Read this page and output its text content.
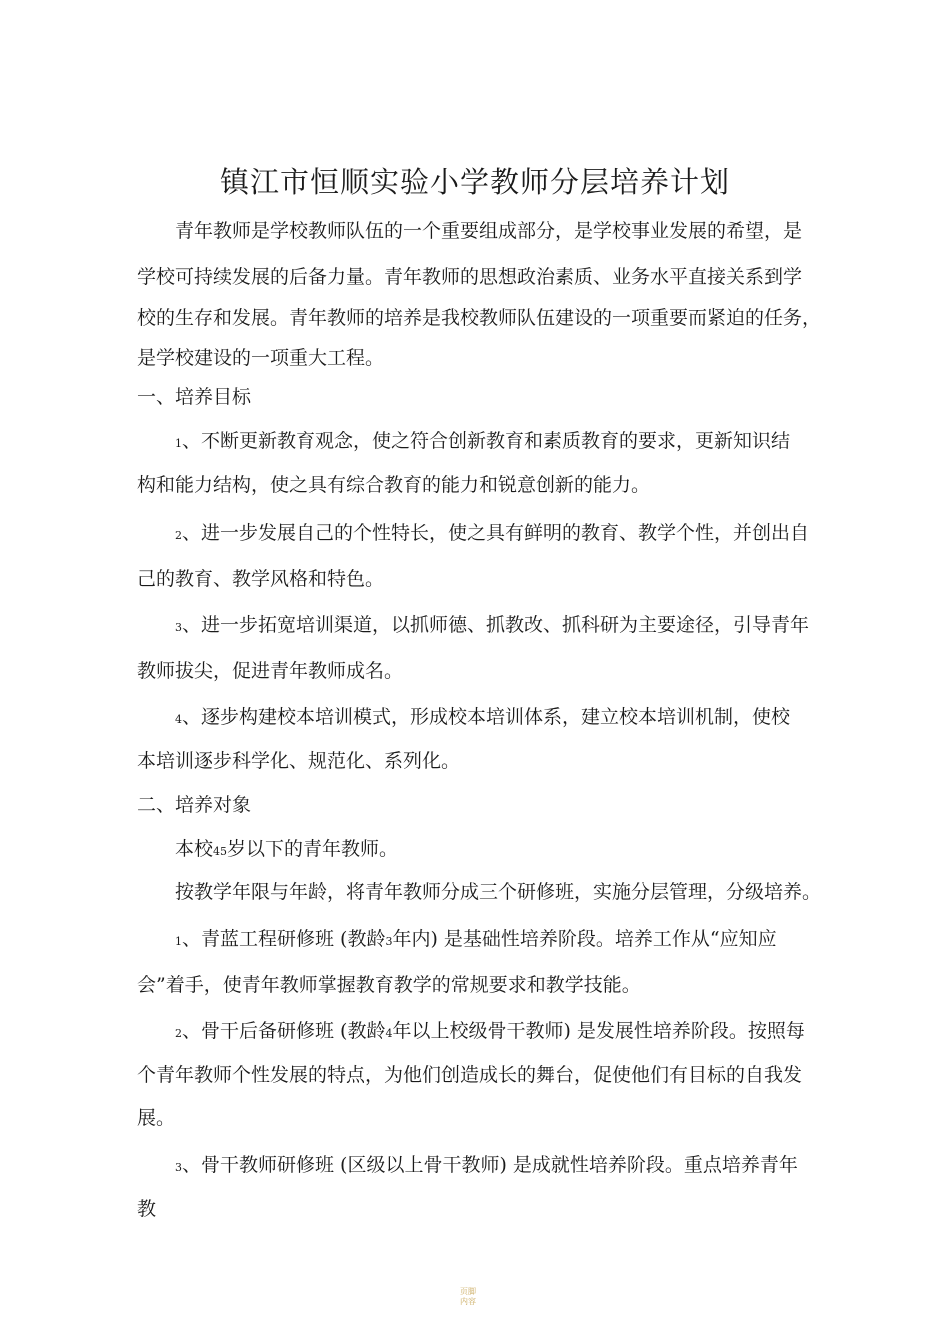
镇江市恒顺实验小学教师分层培养计划
青年教师是学校教师队伍的一个重要组成部分，是学校事业发展的希望，是
学校可持续发展的后备力量。青年教师的思想政治素质、业务水平直接关系到学
校的生存和发展。青年教师的培养是我校教师队伍建设的一项重要而紧迫的任务，
是学校建设的一项重大工程。
一、培养目标
1、不断更新教育观念，使之符合创新教育和素质教育的要求，更新知识结
构和能力结构，使之具有综合教育的能力和锐意创新的能力。
2、进一步发展自己的个性特长，使之具有鲜明的教育、教学个性，并创出自
己的教育、教学风格和特色。
3、进一步拓宽培训渠道，以抓师德、抓教改、抓科研为主要途径，引导青年
教师拔尖，促进青年教师成名。
4、逐步构建校本培训模式，形成校本培训体系，建立校本培训机制，使校
本培训逐步科学化、规范化、系列化。
二、培养对象
本校45岁以下的青年教师。
按教学年限与年龄，将青年教师分成三个研修班，实施分层管理，分级培养。
1、青蓝工程研修班 (教龄3年内) 是基础性培养阶段。培养工作从“应知应
会”着手，使青年教师掌握教育教学的常规要求和教学技能。
2、骨干后备研修班 (教龄4年以上校级骨干教师) 是发展性培养阶段。按照每
个青年教师个性发展的特点，为他们创造成长的舞台，促使他们有目标的自我发
展。
3、骨干教师研修班 (区级以上骨干教师) 是成就性培养阶段。重点培养青年
教
页脚
内容
